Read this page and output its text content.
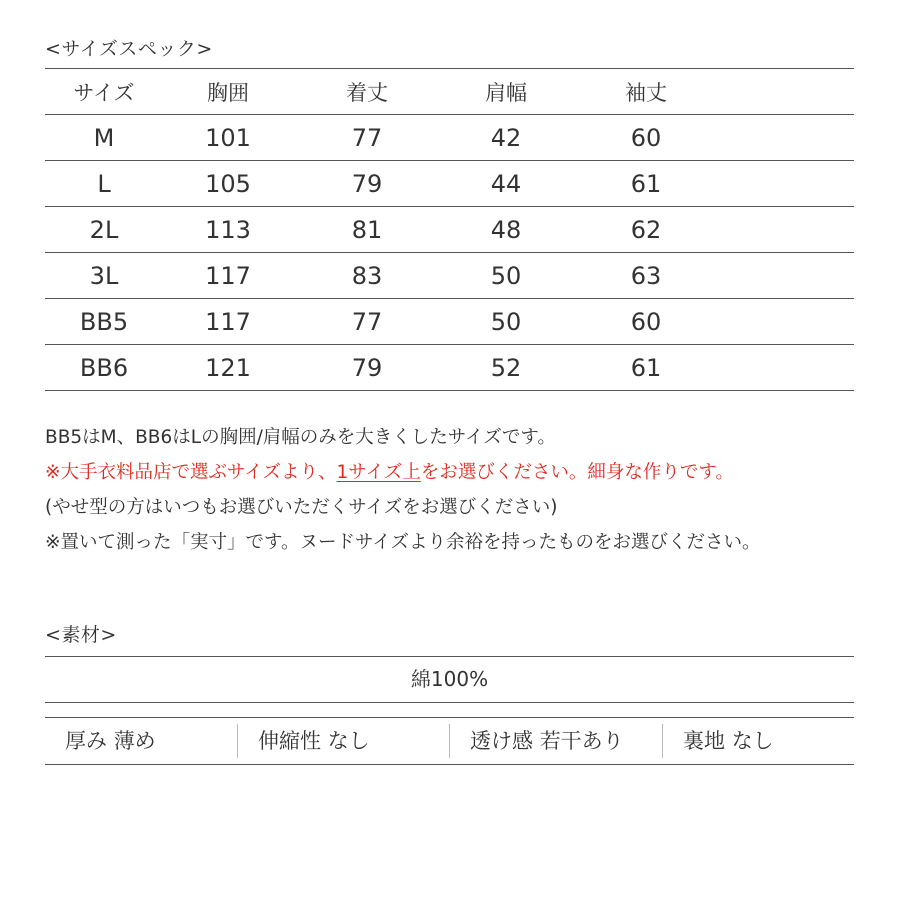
<サイズスペック>
サイズ	胸囲	着丈	肩幅	袖丈	
M	101	77	42	60	
L	105	79	44	61	
2L	113	81	48	62	
3L	117	83	50	63	
BB5	117	77	50	60	
BB6	121	79	52	61	
BB5はM、BB6はLの胸囲/肩幅のみを大きくしたサイズです。
※大手衣料品店で選ぶサイズより、1サイズ上をお選びください。細身な作りです。
(やせ型の方はいつもお選びいただくサイズをお選びください)
※置いて測った「実寸」です。ヌードサイズより余裕を持ったものをお選びください。
<素材>
綿100%
厚み 薄め	伸縮性 なし	透け感 若干あり	裏地 なし
